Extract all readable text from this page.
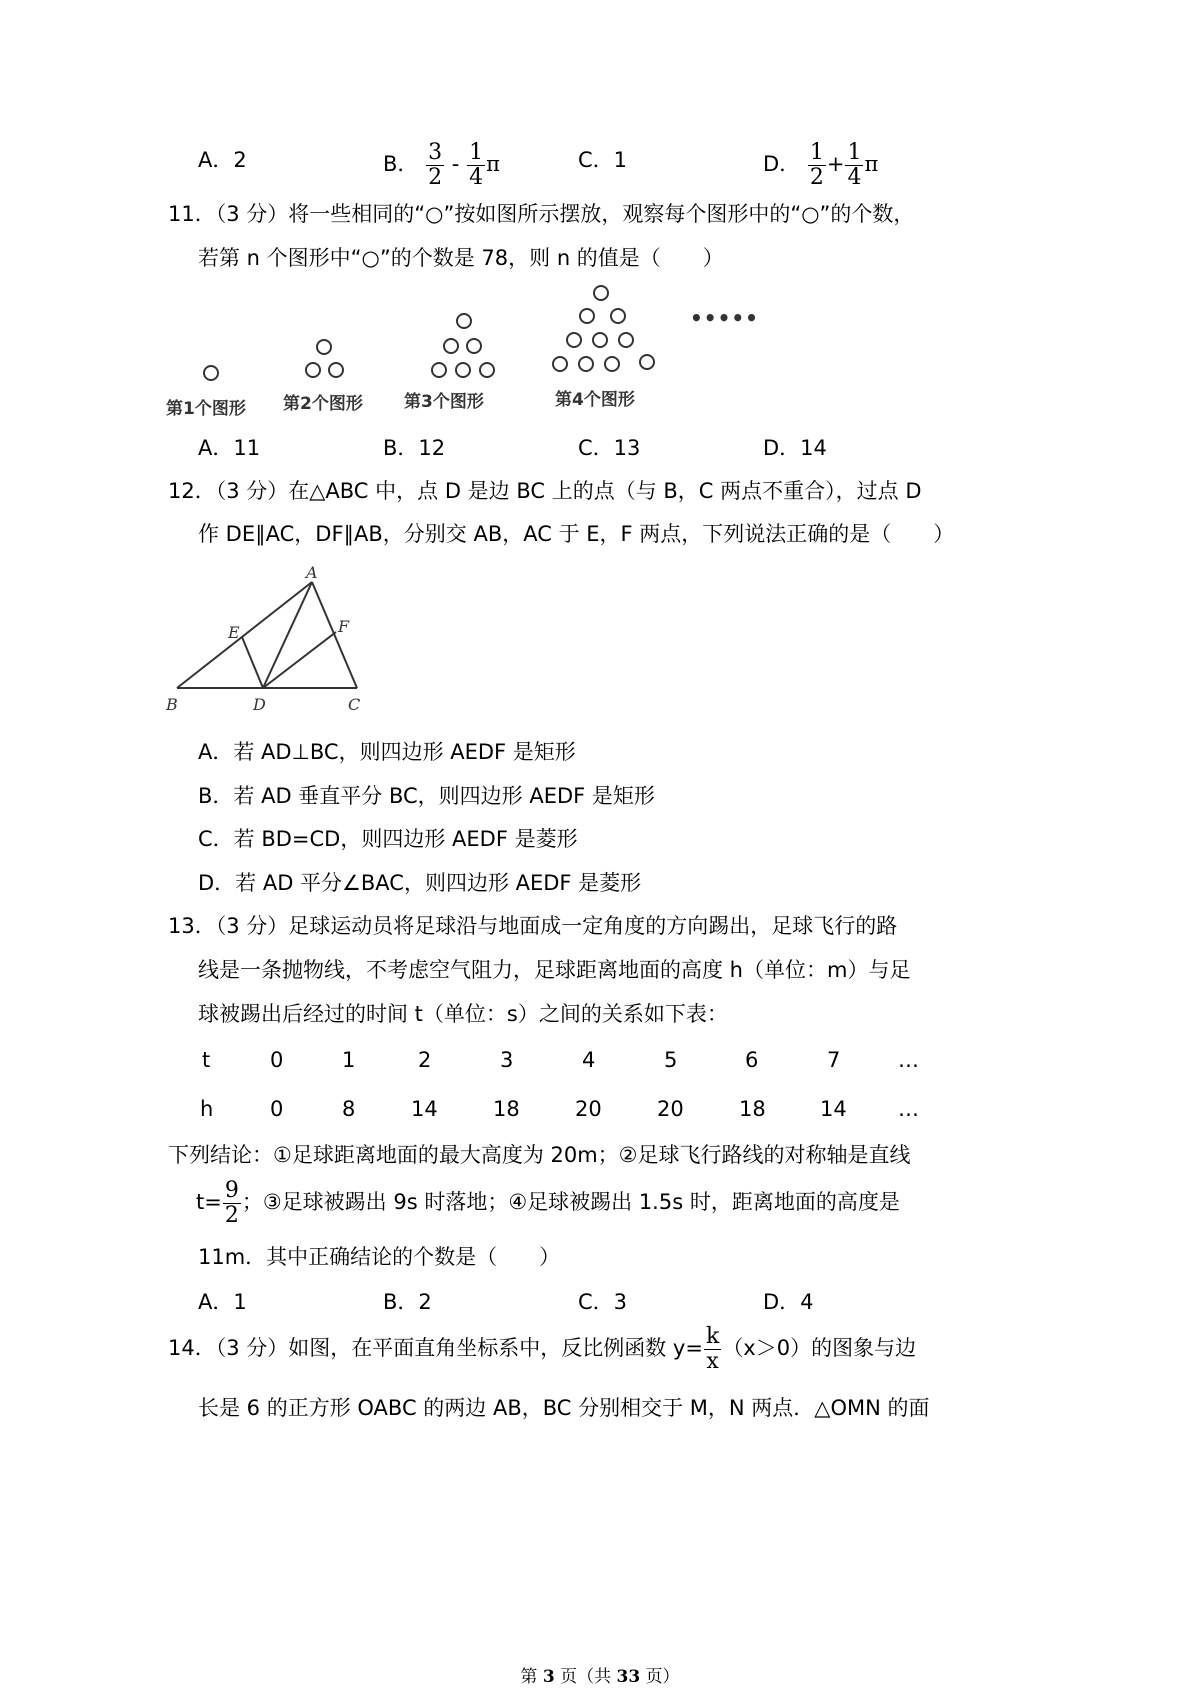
A．2	B． $\frac{3}{2} - \frac{1}{4}$ π	C．1	D． $\frac{1}{2} + \frac{1}{4}$ π
11．（3 分）将一些相同的“○”按如图所示摆放，观察每个图形中的“○”的个数，
若第 n 个图形中“○”的个数是 78，则 n 的值是（　　）
•••••
第1个图形 第2个图形 第3个图形	第4个图形
A．11	B．12	C．13	D．14
12．（3 分）在△ABC 中，点 D 是边 BC 上的点（与 B，C 两点不重合），过点 D
作 DE∥AC，DF∥AB，分别交 AB，AC 于 E，F 两点，下列说法正确的是（　　）
A
B	C
D
E	F
A．若 AD⊥BC，则四边形 AEDF 是矩形
B．若 AD 垂直平分 BC，则四边形 AEDF 是矩形
C．若 BD=CD，则四边形 AEDF 是菱形
D．若 AD 平分∠BAC，则四边形 AEDF 是菱形
13．（3 分）足球运动员将足球沿与地面成一定角度的方向踢出，足球飞行的路
线是一条抛物线，不考虑空气阻力，足球距离地面的高度 h（单位：m）与足
球被踢出后经过的时间 t（单位：s）之间的关系如下表：
t	0	1	2	3	4	5	6	7	…
h	0	8	14	18	20	20	18	14 …
下列结论：①足球距离地面的最大高度为 20m；②足球飞行路线的对称轴是直线
$t= \frac{9}{2}$ ；③足球被踢出 9s 时落地；④足球被踢出 1.5s 时，距离地面的高度是
11m．其中正确结论的个数是（　　）
A．1	B．2	C．3	D．4
14．（3 分）如图，在平面直角坐标系中，反比例函数 $y= \frac{k}{x} (x>0)$的图象与边
长是 6 的正方形 OABC 的两边 AB，BC 分别相交于 M，N 两点．△OMN 的面
第 3 页（共 33 页）
